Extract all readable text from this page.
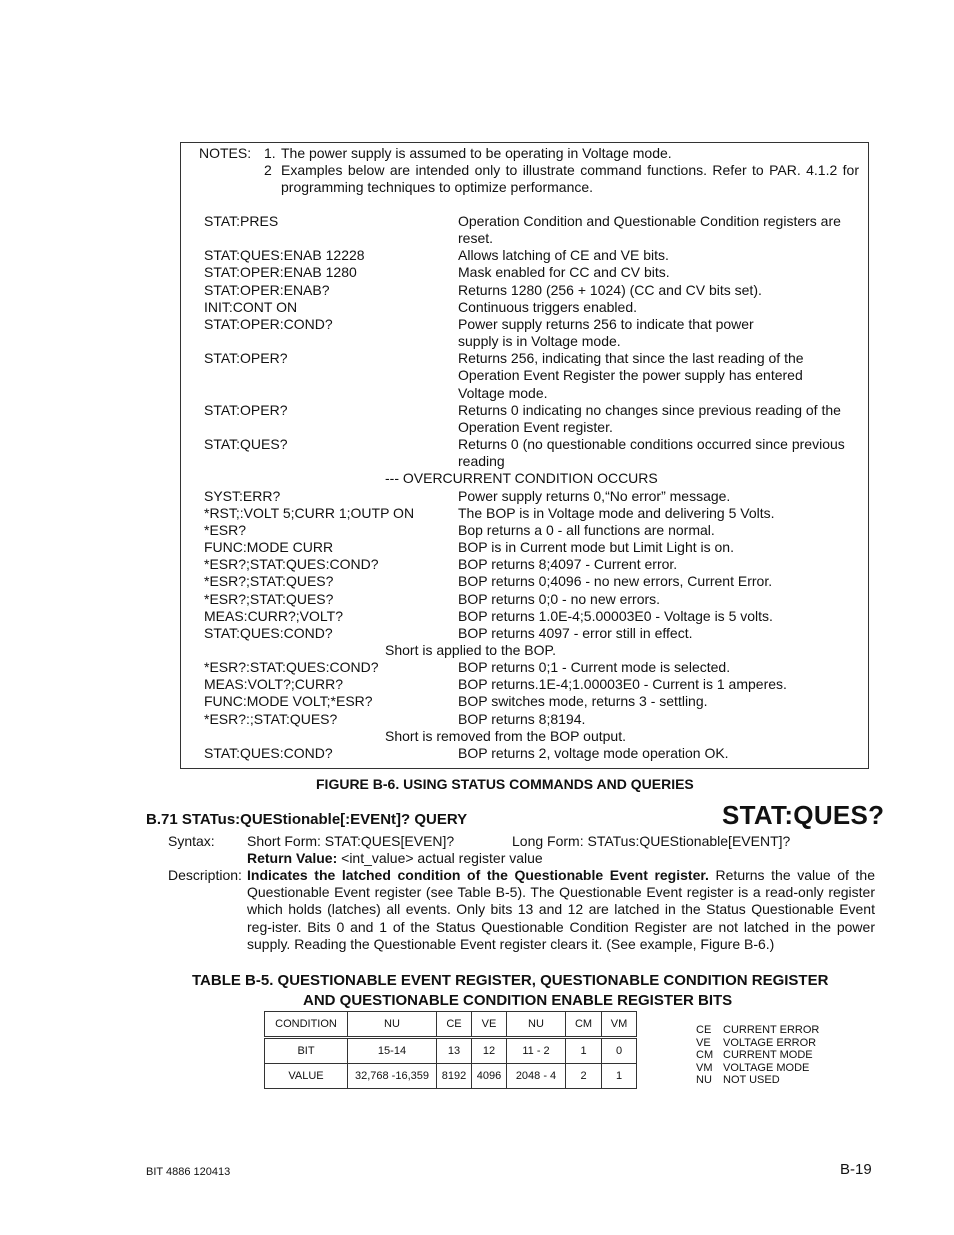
NOTES: 1. The power supply is assumed to be operating in Voltage mode.
2 Examples below are intended only to illustrate command functions. Refer to PAR. 4.1.2 for
programming techniques to optimize performance.
STAT:PRES	Operation Condition and Questionable Condition registers are
reset.
STAT:QUES:ENAB 12228	Allows latching of CE and VE bits.
STAT:OPER:ENAB 1280	Mask enabled for CC and CV bits.
STAT:OPER:ENAB?	Returns 1280 (256 + 1024) (CC and CV bits set).
INIT:CONT ON	Continuous triggers enabled.
STAT:OPER:COND?	Power supply returns 256 to indicate that power
supply is in Voltage mode.
STAT:OPER?	Returns 256, indicating that since the last reading of the
Operation Event Register the power supply has entered
Voltage mode.
STAT:OPER?	Returns 0 indicating no changes since previous reading of the
Operation Event register.
STAT:QUES?	Returns 0 (no questionable conditions occurred since previous
reading
--- OVERCURRENT CONDITION OCCURS
SYST:ERR?	Power supply returns 0,“No error” message.
*RST;:VOLT 5;CURR 1;OUTP ON	The BOP is in Voltage mode and delivering 5 Volts.
*ESR?	Bop returns a 0 - all functions are normal.
FUNC:MODE CURR	BOP is in Current mode but Limit Light is on.
*ESR?;STAT:QUES:COND?	BOP returns 8;4097 - Current error.
*ESR?;STAT:QUES?	BOP returns 0;4096 - no new errors, Current Error.
*ESR?;STAT:QUES?	BOP returns 0;0 - no new errors.
MEAS:CURR?;VOLT?	BOP returns 1.0E-4;5.00003E0 - Voltage is 5 volts.
STAT:QUES:COND?	BOP returns 4097 - error still in effect.
Short is applied to the BOP.
*ESR?:STAT:QUES:COND?	BOP returns 0;1 - Current mode is selected.
MEAS:VOLT?;CURR?	BOP returns.1E-4;1.00003E0 - Current is 1 amperes.
FUNC:MODE VOLT;*ESR?	BOP switches mode, returns 3 - settling.
*ESR?:;STAT:QUES?	BOP returns 8;8194.
Short is removed from the BOP output.
STAT:QUES:COND?	BOP returns 2, voltage mode operation OK.
FIGURE B-6. USING STATUS COMMANDS AND QUERIES
B.71 STATus:QUEStionable[:EVENt]? QUERY	STAT:QUES?
Syntax: Short Form: STAT:QUES[EVEN]?	Long Form: STATus:QUEStionable[EVENT]?
Return Value: <int_value> actual register value
Description: Indicates the latched condition of the Questionable Event register. Returns the value of the Questionable Event register (see Table B-5). The Questionable Event register is a read-only register which holds (latches) all events. Only bits 13 and 12 are latched in the Status Questionable Event reg-ister. Bits 0 and 1 of the Status Questionable Condition Register are not latched in the power supply. Reading the Questionable Event register clears it. (See example, Figure B-6.)
TABLE B-5. QUESTIONABLE EVENT REGISTER, QUESTIONABLE CONDITION REGISTER
AND QUESTIONABLE CONDITION ENABLE REGISTER BITS
CONDITION	NU	CE	VE	NU	CM	VM
BIT	15-14	13	12	11 - 2	1	0
VALUE	32,768 -16,359	8192	4096	2048 - 4	2	1
CE CURRENT ERROR
VE VOLTAGE ERROR
CM CURRENT MODE
VM VOLTAGE MODE
NU NOT USED
BIT 4886 120413	B-19
